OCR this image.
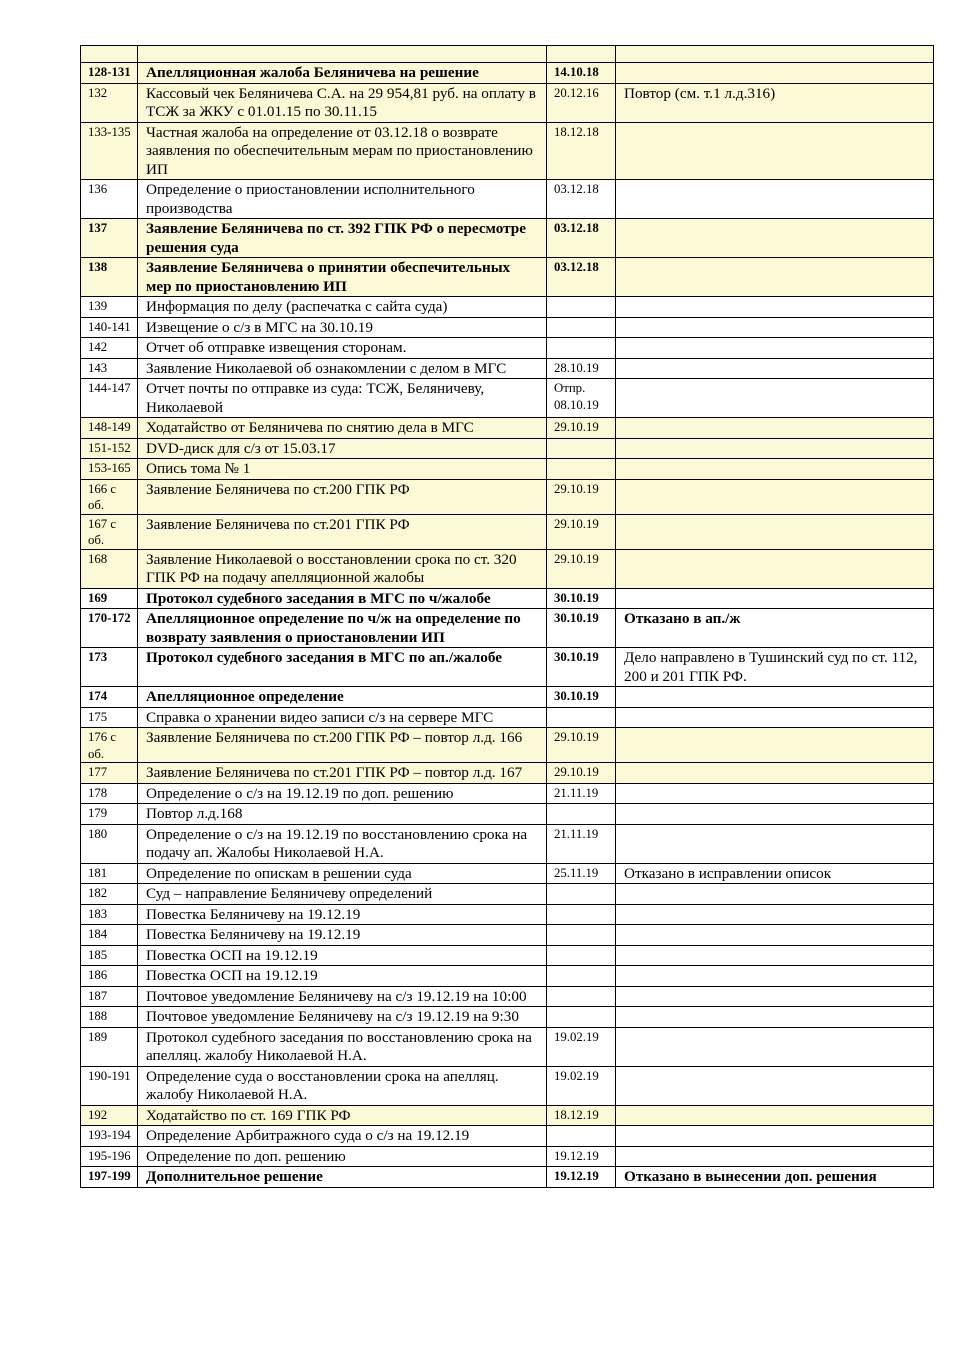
128-131	Апелляционная жалоба Беляничева на решение	14.10.18	
132	Кассовый чек Беляничева С.А. на 29 954,81 руб. на оплату в ТСЖ за ЖКУ с 01.01.15 по 30.11.15	20.12.16	Повтор (см. т.1 л.д.316)
133-135	Частная жалоба на определение от 03.12.18 о возврате заявления по обеспечительным мерам по приостановлению ИП	18.12.18	
136	Определение о приостановлении исполнительного производства	03.12.18	
137	Заявление Беляничева по ст. 392 ГПК РФ о пересмотре решения суда	03.12.18	
138	Заявление Беляничева о принятии обеспечительных мер по приостановлению ИП	03.12.18	
139	Информация по делу (распечатка с сайта суда)		
140-141	Извещение о с/з в МГС на 30.10.19		
142	Отчет об отправке извещения сторонам.		
143	Заявление Николаевой об ознакомлении с делом в МГС	28.10.19	
144-147	Отчет почты по отправке из суда: ТСЖ, Беляничеву, Николаевой	Отпр. 08.10.19	
148-149	Ходатайство от Беляничева по снятию дела в МГС	29.10.19	
151-152	DVD-диск для с/з от 15.03.17		
153-165	Опись тома № 1		
166 с об.	Заявление Беляничева по ст.200 ГПК РФ	29.10.19	
167 с об.	Заявление Беляничева по ст.201 ГПК РФ	29.10.19	
168	Заявление Николаевой о восстановлении срока по ст. 320 ГПК РФ на подачу апелляционной жалобы	29.10.19	
169	Протокол судебного заседания в МГС по ч/жалобе	30.10.19	
170-172	Апелляционное определение по ч/ж на определение по возврату заявления о приостановлении ИП	30.10.19	Отказано в ап./ж
173	Протокол судебного заседания в МГС по ап./жалобе	30.10.19	Дело направлено в Тушинский суд по ст. 112, 200 и 201 ГПК РФ.
174	Апелляционное определение	30.10.19	
175	Справка о хранении видео записи с/з на сервере МГС		
176 с об.	Заявление Беляничева по ст.200 ГПК РФ – повтор л.д. 166	29.10.19	
177	Заявление Беляничева по ст.201 ГПК РФ – повтор л.д. 167	29.10.19	
178	Определение о с/з на 19.12.19 по доп. решению	21.11.19	
179	Повтор л.д.168		
180	Определение о с/з на 19.12.19 по восстановлению срока на подачу ап. Жалобы Николаевой Н.А.	21.11.19	
181	Определение по опискам в решении суда	25.11.19	Отказано в исправлении описок
182	Суд – направление Беляничеву определений		
183	Повестка Беляничеву на 19.12.19		
184	Повестка Беляничеву на 19.12.19		
185	Повестка ОСП на 19.12.19		
186	Повестка ОСП на 19.12.19		
187	Почтовое уведомление Беляничеву на с/з 19.12.19 на 10:00		
188	Почтовое уведомление Беляничеву на с/з 19.12.19 на 9:30		
189	Протокол судебного заседания по восстановлению срока на апелляц. жалобу Николаевой Н.А.	19.02.19	
190-191	Определение суда о восстановлении срока на апелляц. жалобу Николаевой Н.А.	19.02.19	
192	Ходатайство по ст. 169 ГПК РФ	18.12.19	
193-194	Определение Арбитражного суда о с/з на 19.12.19		
195-196	Определение по доп. решению	19.12.19	
197-199	Дополнительное решение	19.12.19	Отказано в вынесении доп. решения
